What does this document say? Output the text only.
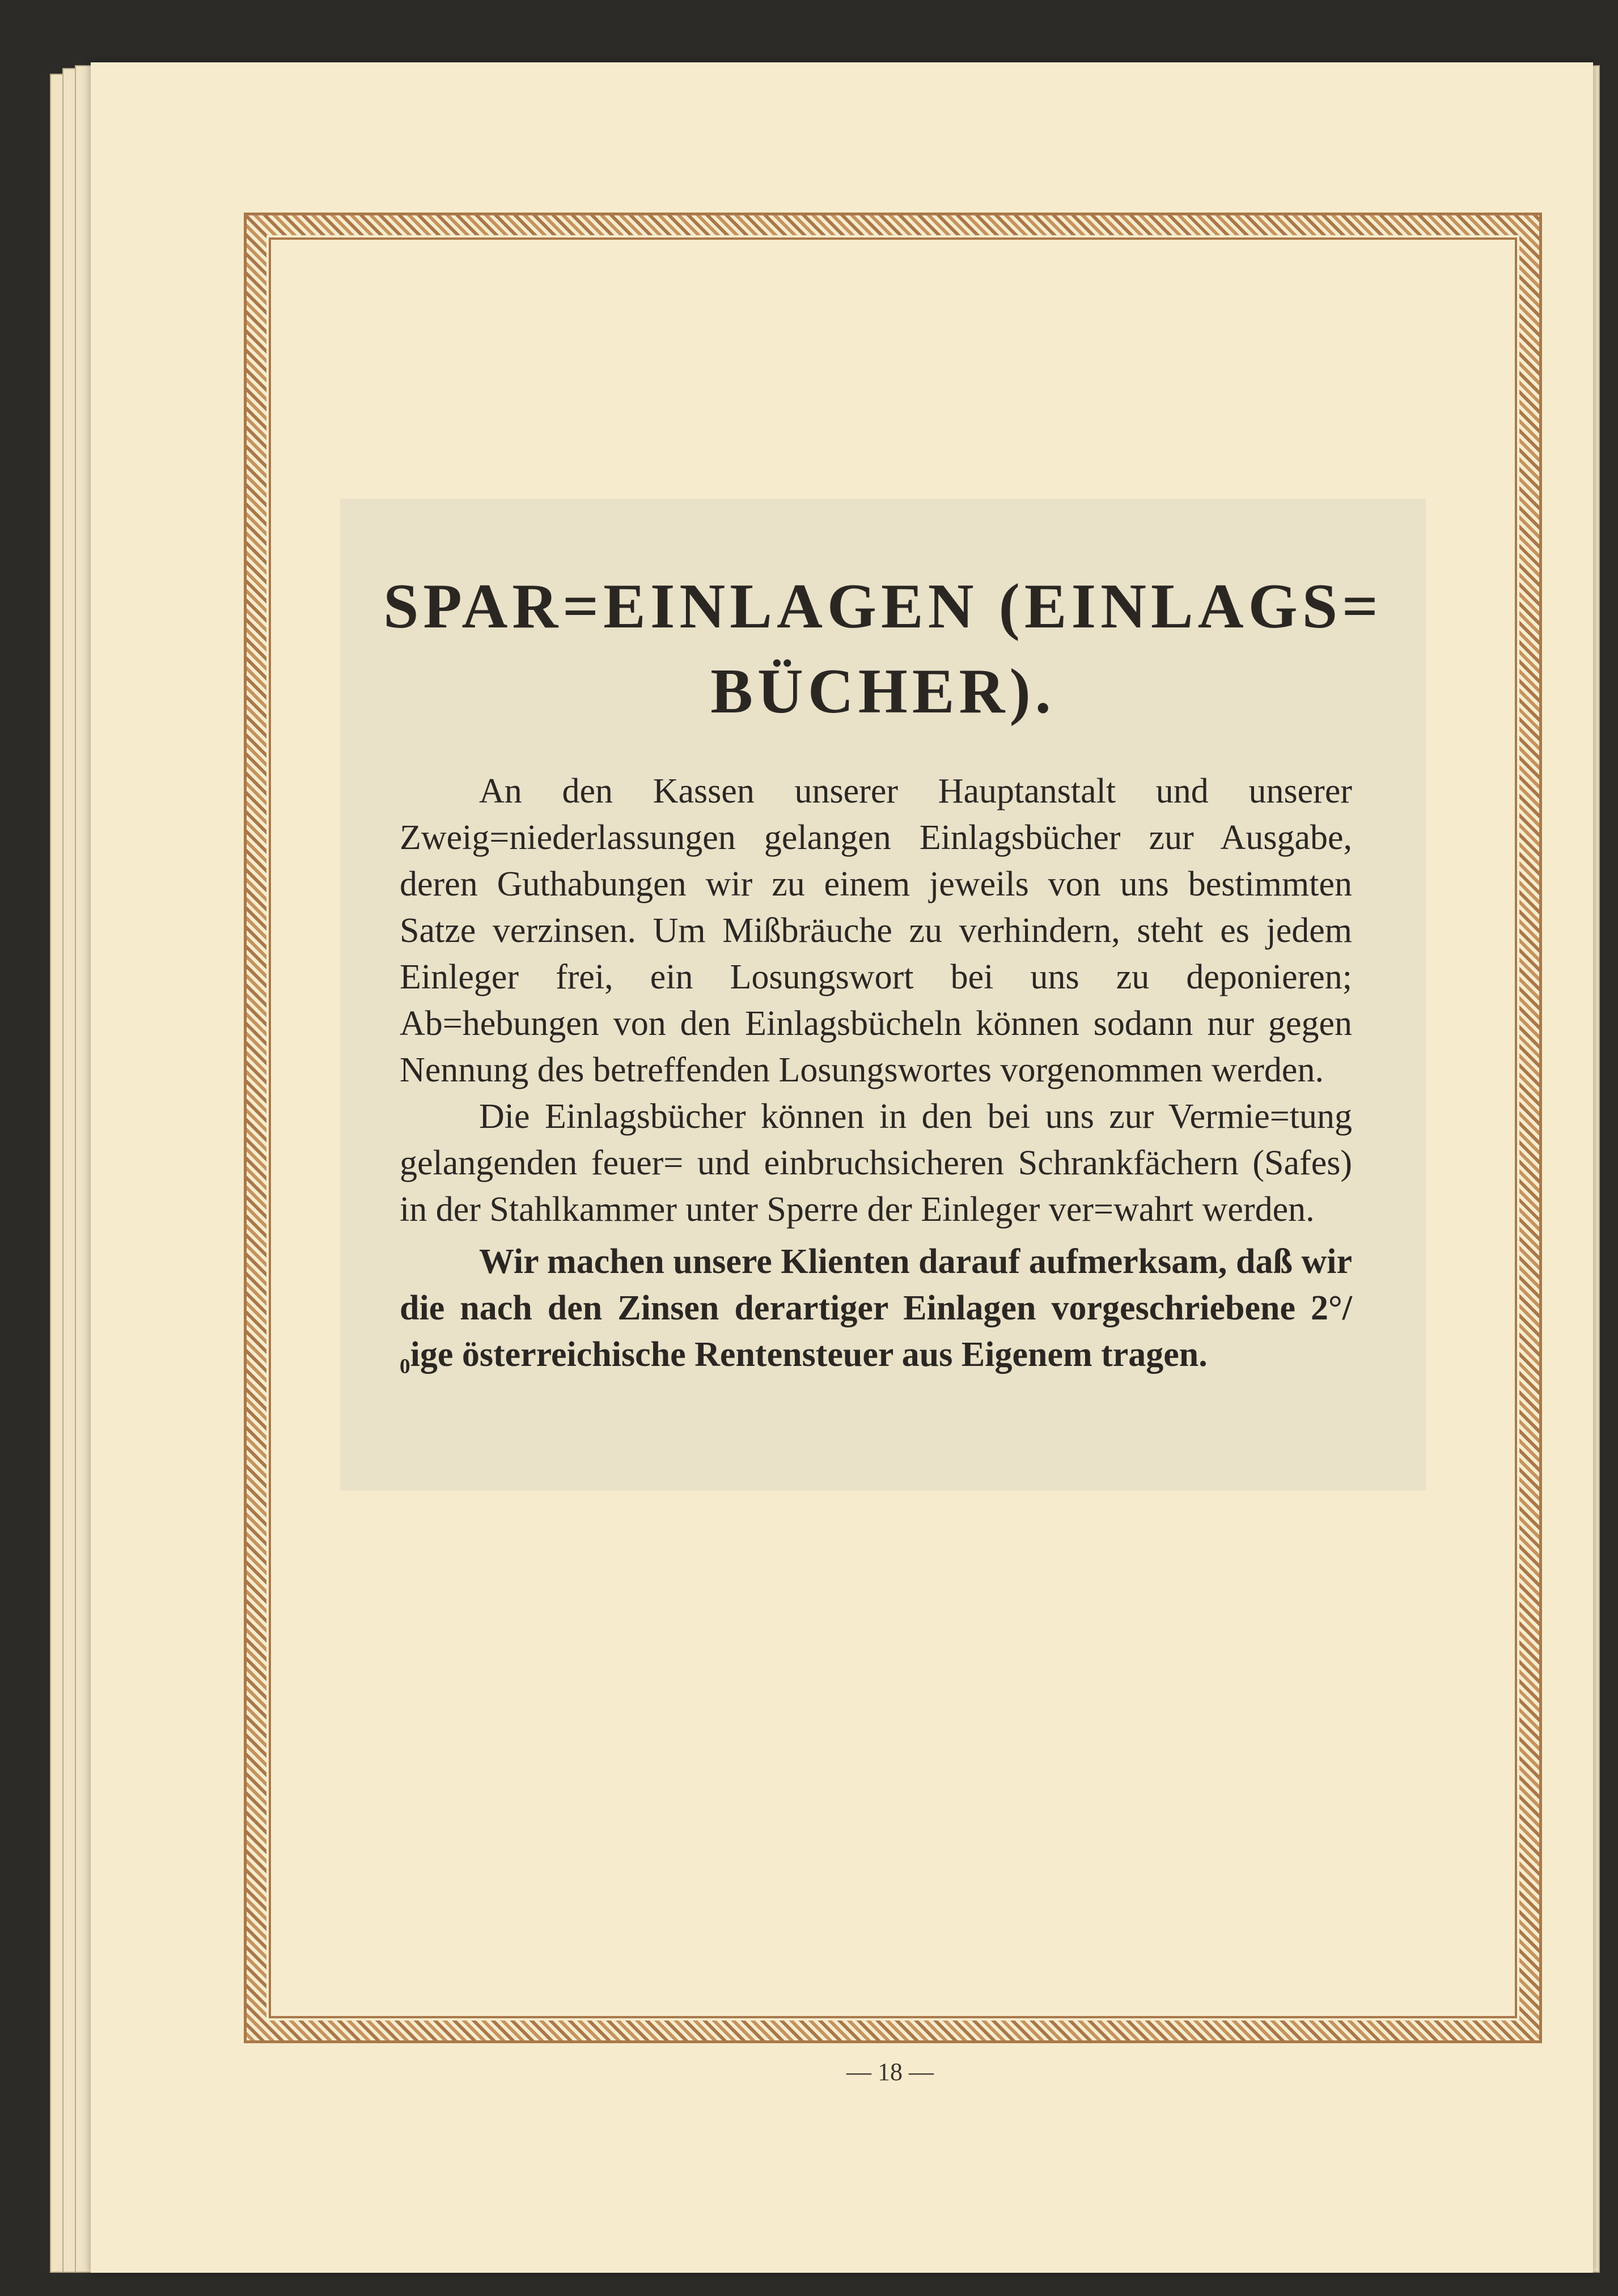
SPAR=EINLAGEN (EINLAGS=
BÜCHER).

An den Kassen unserer Hauptanstalt und unserer Zweig=niederlassungen gelangen Einlagsbücher zur Ausgabe, deren Guthabungen wir zu einem jeweils von uns bestimmten Satze verzinsen. Um Mißbräuche zu verhindern, steht es jedem Einleger frei, ein Losungswort bei uns zu deponieren; Ab=hebungen von den Einlagsbücheln können sodann nur gegen Nennung des betreffenden Losungswortes vorgenommen werden.

Die Einlagsbücher können in den bei uns zur Vermie=tung gelangenden feuer= und einbruchsicheren Schrankfächern (Safes) in der Stahlkammer unter Sperre der Einleger ver=wahrt werden.

Wir machen unsere Klienten darauf aufmerksam, daß wir die nach den Zinsen derartiger Einlagen vorgeschriebene 2°/₀ige österreichische Rentensteuer aus Eigenem tragen.

— 18 —
